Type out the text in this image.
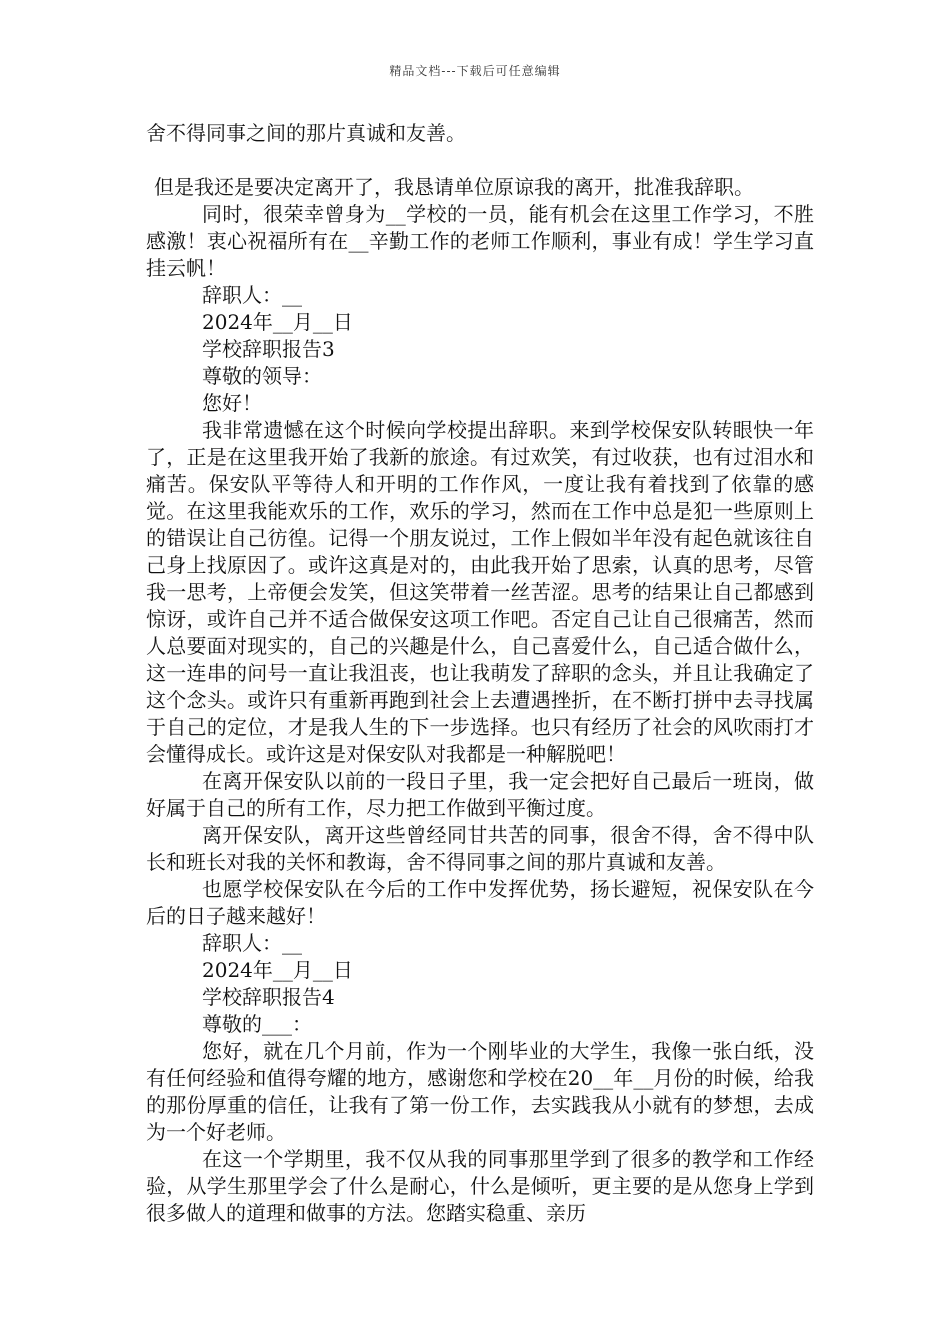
精品文档---下载后可任意编辑

舍不得同事之间的那片真诚和友善。

但是我还是要决定离开了，我恳请单位原谅我的离开，批准我辞职。

同时，很荣幸曾身为__学校的一员，能有机会在这里工作学习，不胜感激！衷心祝福所有在__辛勤工作的老师工作顺利，事业有成！学生学习直挂云帆！

辞职人：__

2024年__月__日

学校辞职报告3

尊敬的领导：

您好！

我非常遗憾在这个时候向学校提出辞职。来到学校保安队转眼快一年了，正是在这里我开始了我新的旅途。有过欢笑，有过收获，也有过泪水和痛苦。保安队平等待人和开明的工作作风，一度让我有着找到了依靠的感觉。在这里我能欢乐的工作，欢乐的学习，然而在工作中总是犯一些原则上的错误让自己彷徨。记得一个朋友说过，工作上假如半年没有起色就该往自己身上找原因了。或许这真是对的，由此我开始了思索，认真的思考，尽管我一思考，上帝便会发笑，但这笑带着一丝苦涩。思考的结果让自己都感到惊讶，或许自己并不适合做保安这项工作吧。否定自己让自己很痛苦，然而人总要面对现实的，自己的兴趣是什么，自己喜爱什么，自己适合做什么，这一连串的问号一直让我沮丧，也让我萌发了辞职的念头，并且让我确定了这个念头。或许只有重新再跑到社会上去遭遇挫折，在不断打拼中去寻找属于自己的定位，才是我人生的下一步选择。也只有经历了社会的风吹雨打才会懂得成长。或许这是对保安队对我都是一种解脱吧！

在离开保安队以前的一段日子里，我一定会把好自己最后一班岗，做好属于自己的所有工作，尽力把工作做到平衡过度。

离开保安队，离开这些曾经同甘共苦的同事，很舍不得，舍不得中队长和班长对我的关怀和教诲，舍不得同事之间的那片真诚和友善。

也愿学校保安队在今后的工作中发挥优势，扬长避短，祝保安队在今后的日子越来越好！

辞职人：__

2024年__月__日

学校辞职报告4

尊敬的___：

您好，就在几个月前，作为一个刚毕业的大学生，我像一张白纸，没有任何经验和值得夸耀的地方，感谢您和学校在20__年__月份的时候，给我的那份厚重的信任，让我有了第一份工作，去实践我从小就有的梦想，去成为一个好老师。

在这一个学期里，我不仅从我的同事那里学到了很多的教学和工作经验，从学生那里学会了什么是耐心，什么是倾听，更主要的是从您身上学到很多做人的道理和做事的方法。您踏实稳重、亲历
